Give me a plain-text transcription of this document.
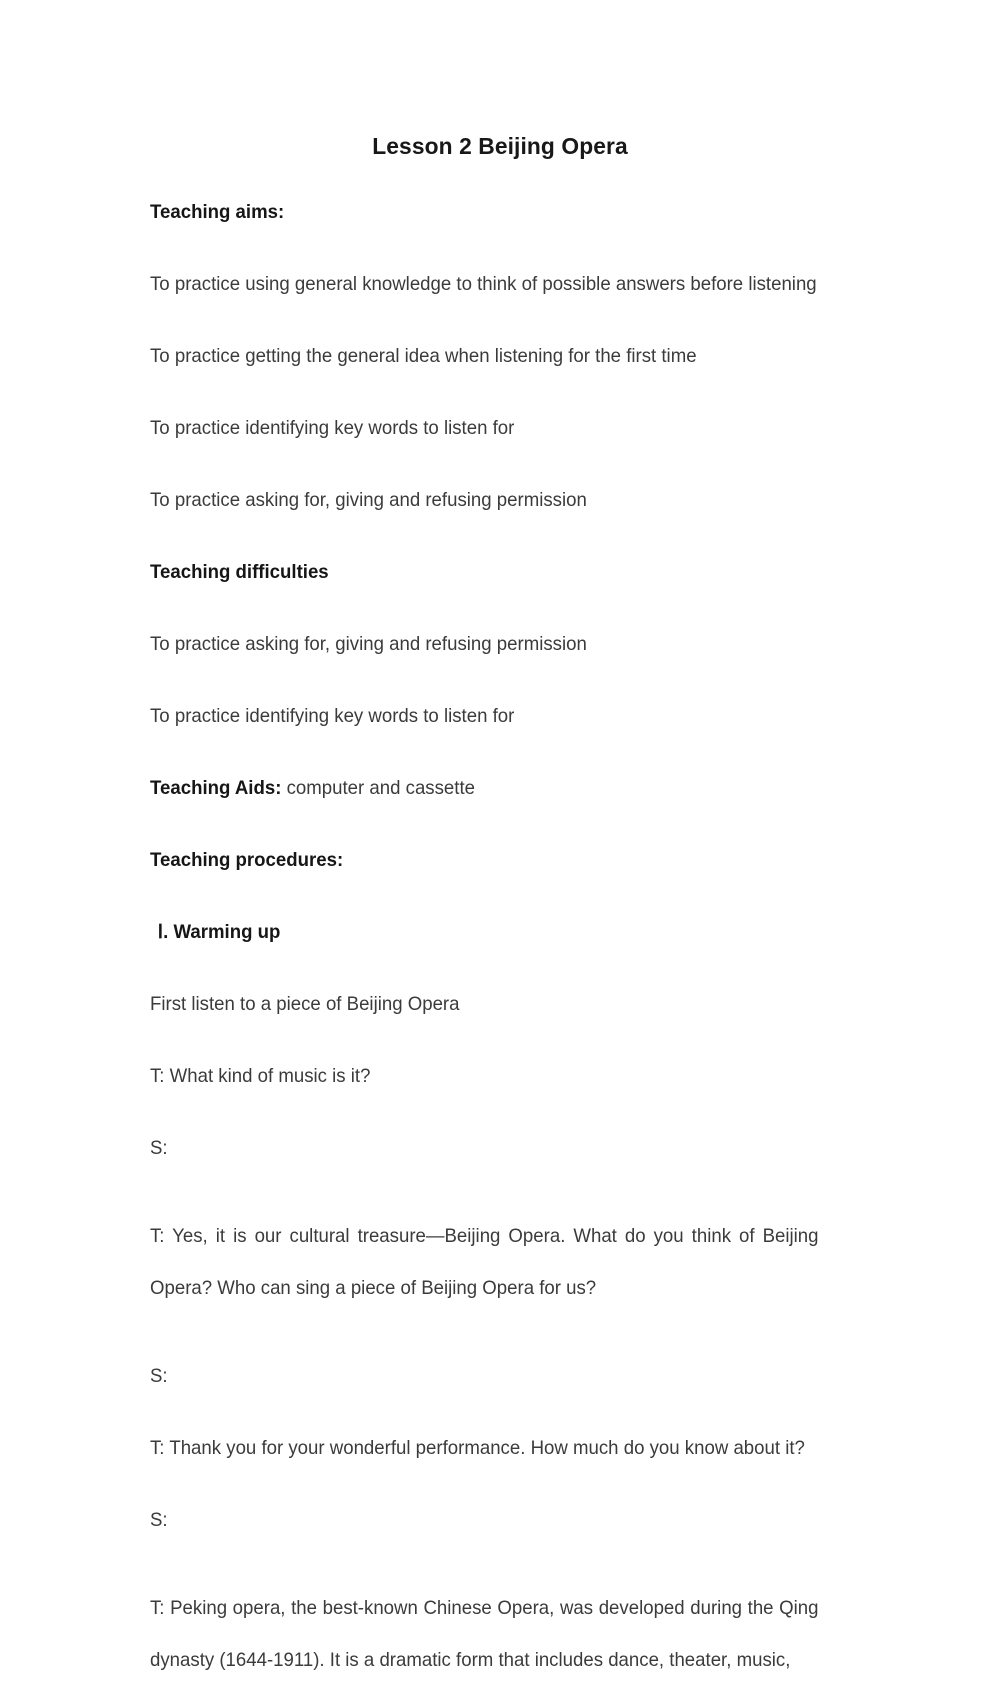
Lesson 2 Beijing Opera
Teaching aims:
To practice using general knowledge to think of possible answers before listening
To practice getting the general idea when listening for the first time
To practice identifying key words to listen for
To practice asking for, giving and refusing permission
Teaching difficulties
To practice asking for, giving and refusing permission
To practice identifying key words to listen for
Teaching Aids: computer and cassette
Teaching procedures:
Ⅰ. Warming up
First listen to a piece of Beijing Opera
T: What kind of music is it?
S:
T: Yes, it is our cultural treasure—Beijing Opera. What do you think of Beijing Opera? Who can sing a piece of Beijing Opera for us?
S:
T: Thank you for your wonderful performance. How much do you know about it?
S:
T: Peking opera, the best-known Chinese Opera, was developed during the Qing dynasty (1644-1911). It is a dramatic form that includes dance, theater, music,
